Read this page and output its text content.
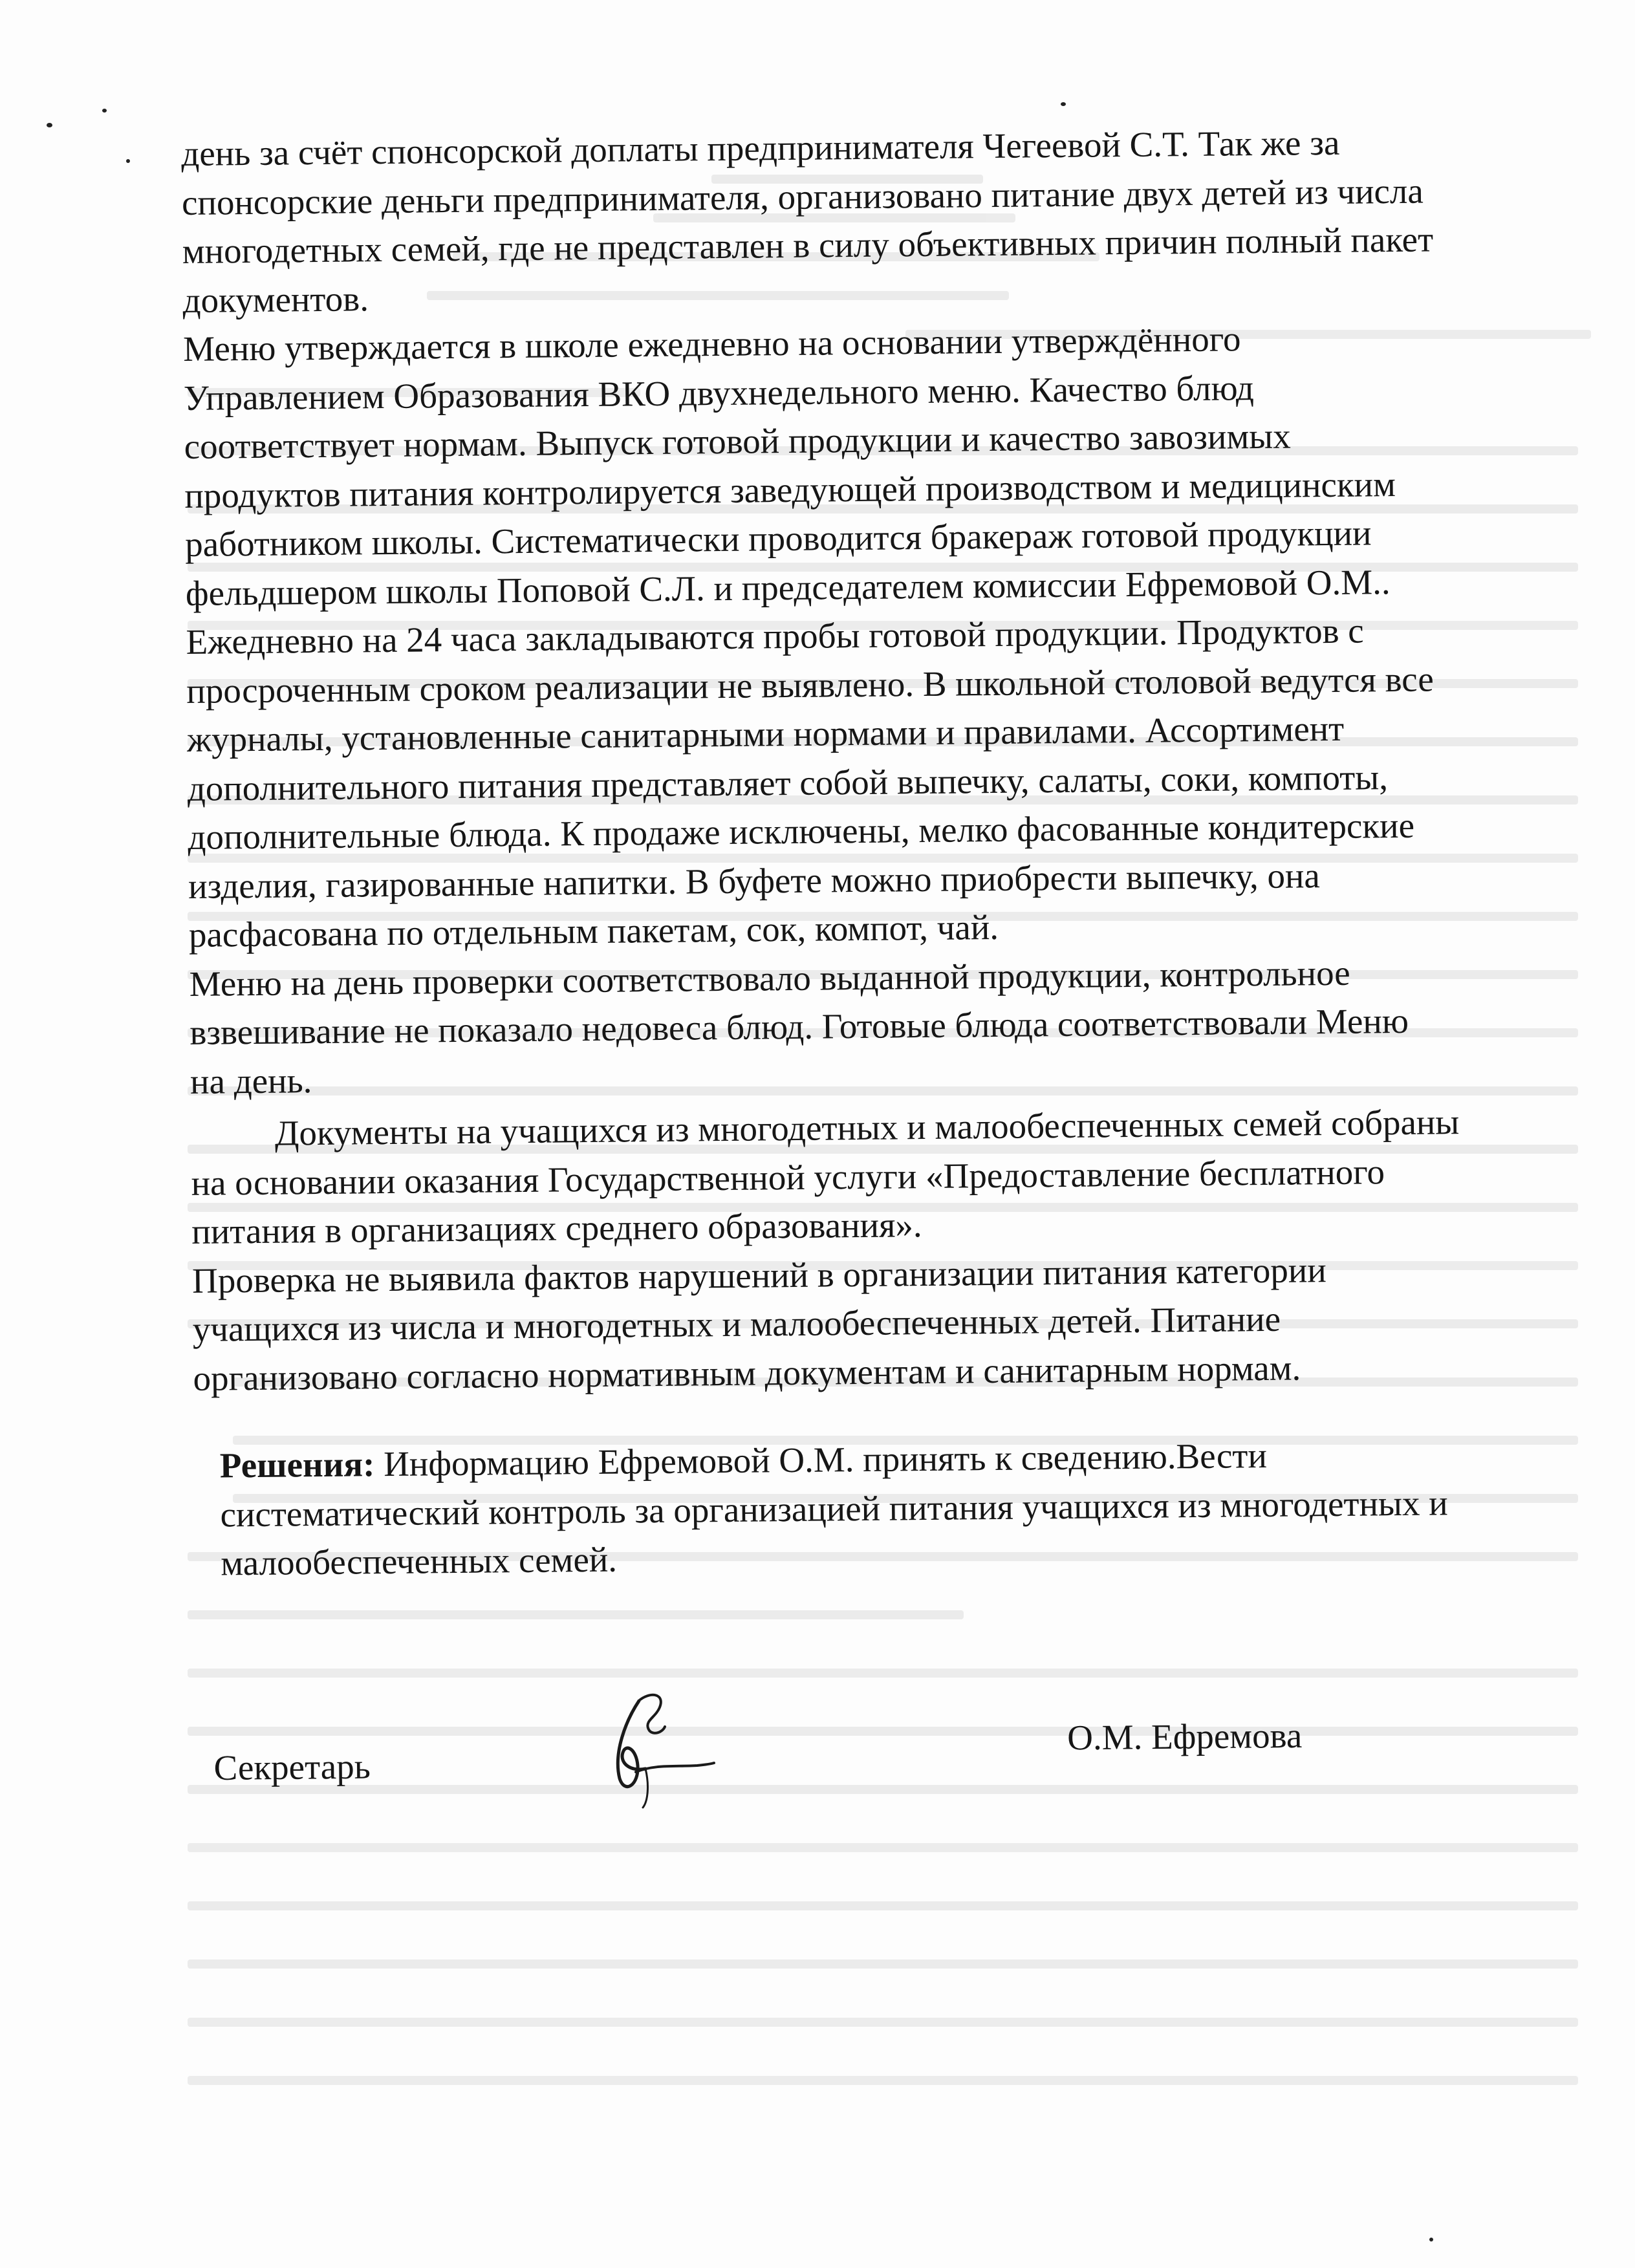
день за счёт спонсорской доплаты предпринимателя Чегеевой С.Т. Так же за
спонсорские деньги предпринимателя, организовано питание двух детей из числа
многодетных семей, где не представлен в силу объективных причин полный пакет
документов.
Меню утверждается в школе ежедневно на основании утверждённого
Управлением Образования ВКО двухнедельного меню. Качество блюд
соответствует нормам. Выпуск готовой продукции и качество завозимых
продуктов питания контролируется заведующей производством и медицинским
работником школы. Систематически проводится бракераж готовой продукции
фельдшером школы Поповой С.Л. и председателем комиссии Ефремовой О.М..
Ежедневно на 24 часа закладываются пробы готовой продукции. Продуктов с
просроченным сроком реализации не выявлено. В школьной столовой ведутся все
журналы, установленные санитарными нормами и правилами. Ассортимент
дополнительного питания представляет собой выпечку, салаты, соки, компоты,
дополнительные блюда. К продаже исключены, мелко фасованные кондитерские
изделия, газированные напитки. В буфете можно приобрести выпечку, она
расфасована по отдельным пакетам, сок, компот, чай.
Меню на день проверки соответствовало выданной продукции, контрольное
взвешивание не показало недовеса блюд. Готовые блюда соответствовали Меню
на день.
Документы на учащихся из многодетных и малообеспеченных семей собраны
на основании оказания Государственной услуги «Предоставление бесплатного
питания в организациях среднего образования».
Проверка не выявила фактов нарушений в организации питания категории
учащихся из числа и многодетных и малообеспеченных детей. Питание
организовано согласно нормативным документам и санитарным нормам.
Решения: Информацию Ефремовой О.М. принять к сведению.Вести
систематический контроль за организацией питания учащихся из многодетных и
малообеспеченных семей.
Секретарь
О.М. Ефремова
